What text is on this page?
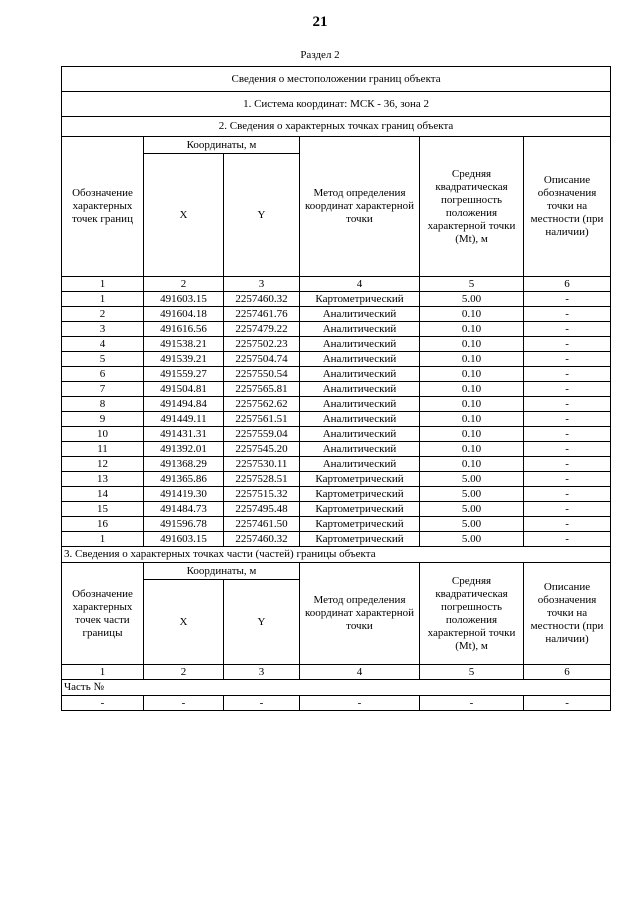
21
Раздел 2
Сведения о местоположении границ объекта					
1. Система координат: МСК - 36, зона 2					
2. Сведения о характерных точках границ объекта					
Обозначение характерных точек границ	Координаты, м		Метод определения координат характерной точки	Средняя квадратическая погрешность положения характерной точки (Mt), м	Описание обозначения точки на местности (при наличии)
	X	Y			
1	2	3	4	5	6
1	491603.15	2257460.32	Картометрический	5.00	-
2	491604.18	2257461.76	Аналитический	0.10	-
3	491616.56	2257479.22	Аналитический	0.10	-
4	491538.21	2257502.23	Аналитический	0.10	-
5	491539.21	2257504.74	Аналитический	0.10	-
6	491559.27	2257550.54	Аналитический	0.10	-
7	491504.81	2257565.81	Аналитический	0.10	-
8	491494.84	2257562.62	Аналитический	0.10	-
9	491449.11	2257561.51	Аналитический	0.10	-
10	491431.31	2257559.04	Аналитический	0.10	-
11	491392.01	2257545.20	Аналитический	0.10	-
12	491368.29	2257530.11	Аналитический	0.10	-
13	491365.86	2257528.51	Картометрический	5.00	-
14	491419.30	2257515.32	Картометрический	5.00	-
15	491484.73	2257495.48	Картометрический	5.00	-
16	491596.78	2257461.50	Картометрический	5.00	-
1	491603.15	2257460.32	Картометрический	5.00	-
3. Сведения о характерных точках части (частей) границы объекта					
Обозначение характерных точек части границы	Координаты, м		Метод определения координат характерной точки	Средняя квадратическая погрешность положения характерной точки (Mt), м	Описание обозначения точки на местности (при наличии)
	X	Y			
1	2	3	4	5	6
Часть №					
-	-	-	-	-	-
